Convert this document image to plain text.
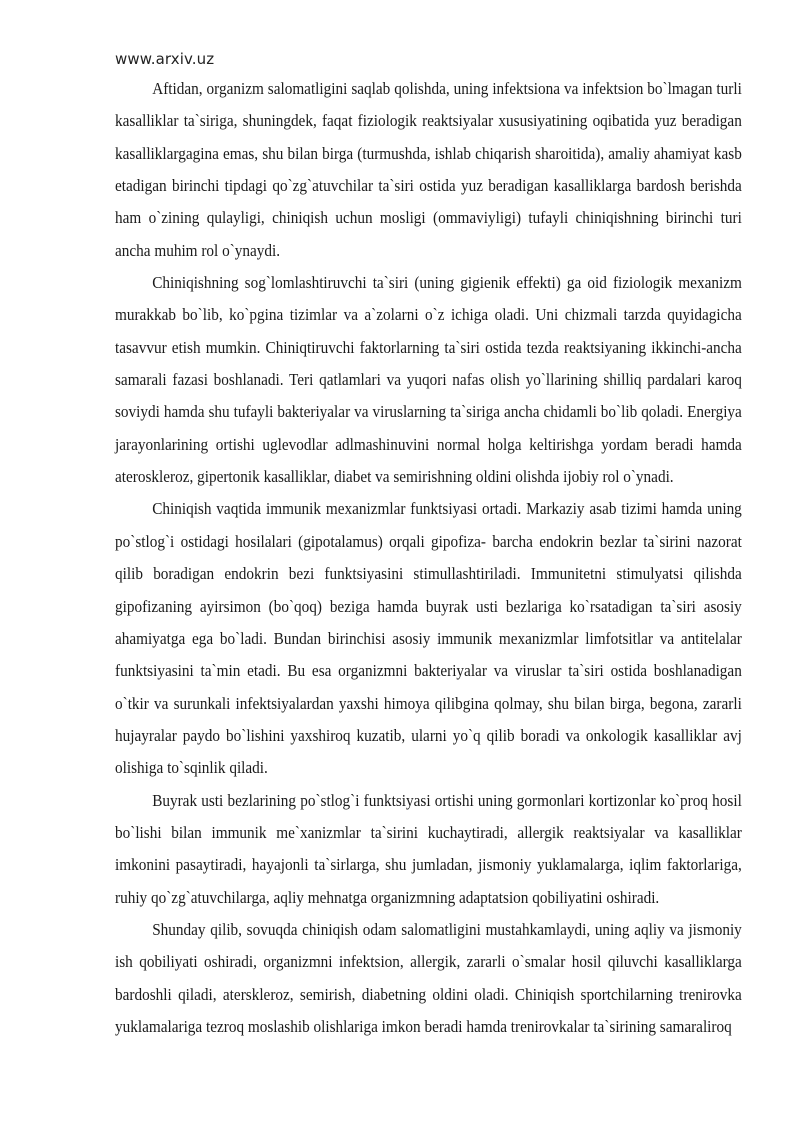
www.arxiv.uz

Aftidan, organizm salomatligini saqlab qolishda, uning infektsiona va infektsion bo`lmagan turli kasalliklar ta`siriga, shuningdek, faqat fiziologik reaktsiyalar xususiyatining oqibatida yuz beradigan kasalliklargagina emas, shu bilan birga (turmushda, ishlab chiqarish sharoitida), amaliy ahamiyat kasb etadigan birinchi tipdagi qo`zg`atuvchilar ta`siri ostida yuz beradigan kasalliklarga bardosh berishda ham o`zining qulayligi, chiniqish uchun mosligi (ommaviyligi) tufayli chiniqishning birinchi turi ancha muhim rol o`ynaydi.

Chiniqishning sog`lomlashtiruvchi ta`siri (uning gigienik effekti) ga oid fiziologik mexanizm murakkab bo`lib, ko`pgina tizimlar va a`zolarni o`z ichiga oladi. Uni chizmali tarzda quyidagicha tasavvur etish mumkin. Chiniqtiruvchi faktorlarning ta`siri ostida tezda reaktsiyaning ikkinchi-ancha samarali fazasi boshlanadi. Teri qatlamlari va yuqori nafas olish yo`llarining shilliq pardalari karoq soviydi hamda shu tufayli bakteriyalar va viruslarning ta`siriga ancha chidamli bo`lib qoladi. Energiya jarayonlarining ortishi uglevodlar adlmashinuvini normal holga keltirishga yordam beradi hamda ateroskleroz, gipertonik kasalliklar, diabet va semirishning oldini olishda ijobiy rol o`ynadi.

Chiniqish vaqtida immunik mexanizmlar funktsiyasi ortadi. Markaziy asab tizimi hamda uning po`stlog`i ostidagi hosilalari (gipotalamus) orqali gipofiza- barcha endokrin bezlar ta`sirini nazorat qilib boradigan endokrin bezi funktsiyasini stimullashtiriladi. Immunitetni stimulyatsi qilishda gipofizaning ayirsimon (bo`qoq) beziga hamda buyrak usti bezlariga ko`rsatadigan ta`siri asosiy ahamiyatga ega bo`ladi. Bundan birinchisi asosiy immunik mexanizmlar limfotsitlar va antitelalar funktsiyasini ta`min etadi. Bu esa organizmni bakteriyalar va viruslar ta`siri ostida boshlanadigan o`tkir va surunkali infektsiyalardan yaxshi himoya qilibgina qolmay, shu bilan birga, begona, zararli hujayralar paydo bo`lishini yaxshiroq kuzatib, ularni yo`q qilib boradi va onkologik kasalliklar avj olishiga to`sqinlik qiladi.

Buyrak usti bezlarining po`stlog`i funktsiyasi ortishi uning gormonlari kortizonlar ko`proq hosil bo`lishi bilan immunik me`xanizmlar ta`sirini kuchaytiradi, allergik reaktsiyalar va kasalliklar imkonini pasaytiradi, hayajonli ta`sirlarga, shu jumladan, jismoniy yuklamalarga, iqlim faktorlariga, ruhiy qo`zg`atuvchilarga, aqliy mehnatga organizmning adaptatsion qobiliyatini oshiradi.

Shunday qilib, sovuqda chiniqish odam salomatligini mustahkamlaydi, uning aqliy va jismoniy ish qobiliyati oshiradi, organizmni infektsion, allergik, zararli o`smalar hosil qiluvchi kasalliklarga bardoshli qiladi, aterskleroz, semirish, diabetning oldini oladi. Chiniqish sportchilarning trenirovka yuklamalariga tezroq moslashib olishlariga imkon beradi hamda trenirovkalar ta`sirining samaraliroq
